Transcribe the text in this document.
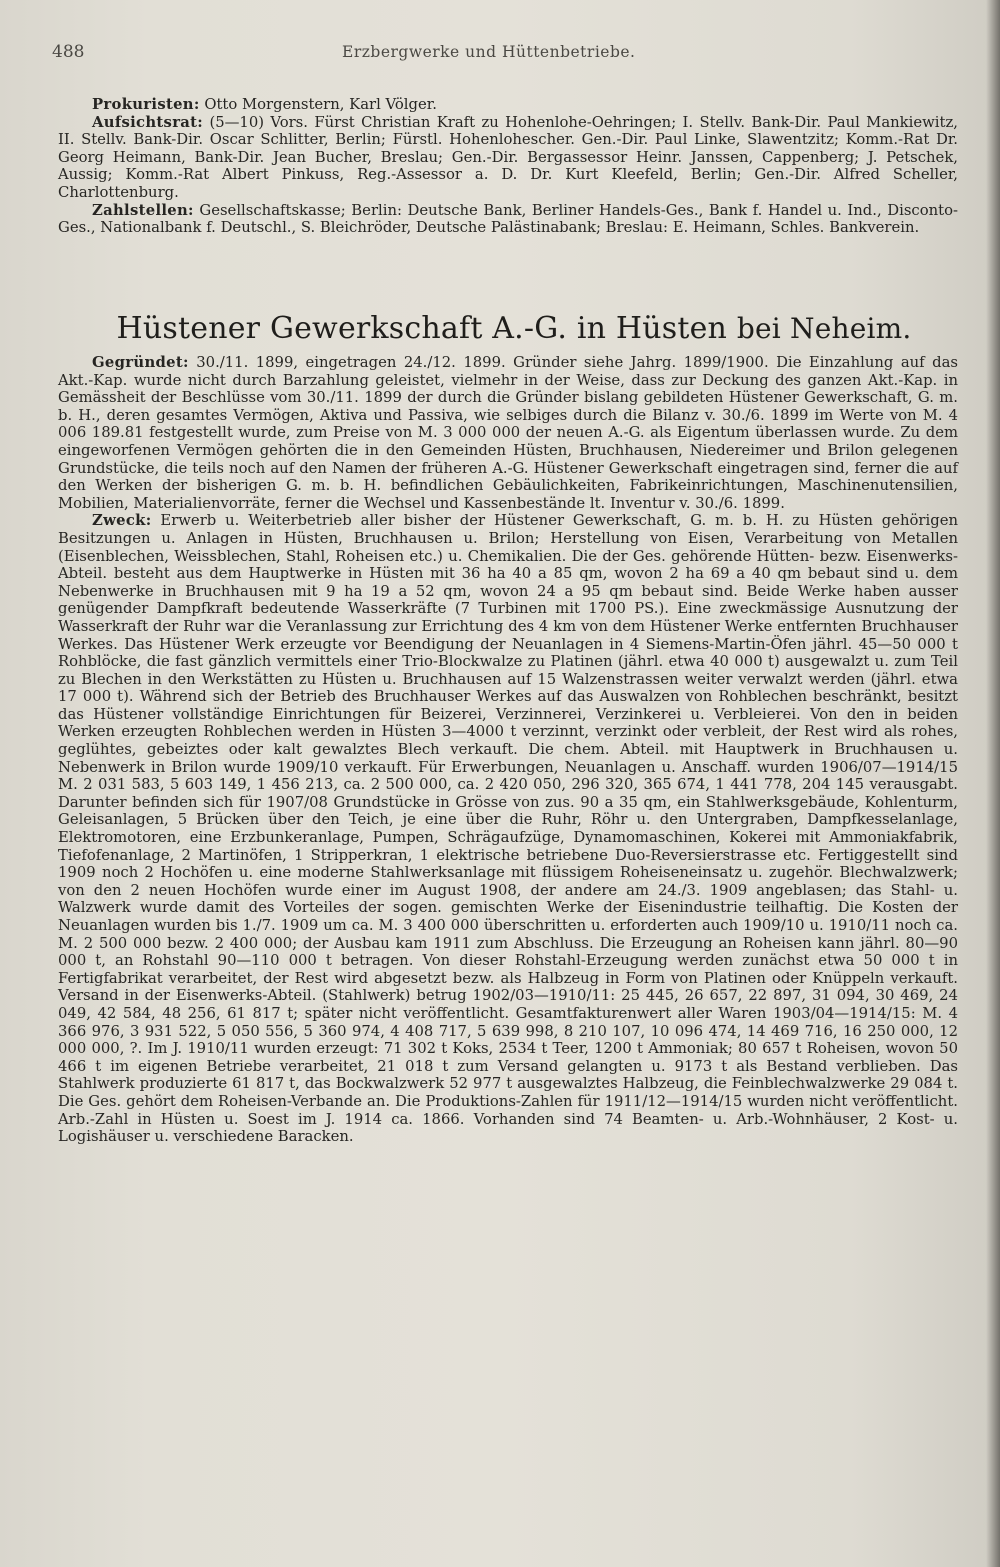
488	Erzbergwerke und Hüttenbetriebe.

Prokuristen: Otto Morgenstern, Karl Völger.

Aufsichtsrat: (5—10) Vors. Fürst Christian Kraft zu Hohenlohe-Oehringen; I. Stellv. Bank-Dir. Paul Mankiewitz, II. Stellv. Bank-Dir. Oscar Schlitter, Berlin; Fürstl. Hohenlohescher. Gen.-Dir. Paul Linke, Slawentzitz; Komm.-Rat Dr. Georg Heimann, Bank-Dir. Jean Bucher, Breslau; Gen.-Dir. Bergassessor Heinr. Janssen, Cappenberg; J. Petschek, Aussig; Komm.-Rat Albert Pinkuss, Reg.-Assessor a. D. Dr. Kurt Kleefeld, Berlin; Gen.-Dir. Alfred Scheller, Charlottenburg.

Zahlstellen: Gesellschaftskasse; Berlin: Deutsche Bank, Berliner Handels-Ges., Bank f. Handel u. Ind., Disconto-Ges., Nationalbank f. Deutschl., S. Bleichröder, Deutsche Palästinabank; Breslau: E. Heimann, Schles. Bankverein.

Hüstener Gewerkschaft A.-G. in Hüsten bei Neheim.

Gegründet: 30./11. 1899, eingetragen 24./12. 1899. Gründer siehe Jahrg. 1899/1900. Die Einzahlung auf das Akt.-Kap. wurde nicht durch Barzahlung geleistet, vielmehr in der Weise, dass zur Deckung des ganzen Akt.-Kap. in Gemässheit der Beschlüsse vom 30./11. 1899 der durch die Gründer bislang gebildeten Hüstener Gewerkschaft, G. m. b. H., deren gesamtes Vermögen, Aktiva und Passiva, wie selbiges durch die Bilanz v. 30./6. 1899 im Werte von M. 4 006 189.81 festgestellt wurde, zum Preise von M. 3 000 000 der neuen A.-G. als Eigentum überlassen wurde. Zu dem eingeworfenen Vermögen gehörten die in den Gemeinden Hüsten, Bruchhausen, Niedereimer und Brilon gelegenen Grundstücke, die teils noch auf den Namen der früheren A.-G. Hüstener Gewerkschaft eingetragen sind, ferner die auf den Werken der bisherigen G. m. b. H. befindlichen Gebäulichkeiten, Fabrikeinrichtungen, Maschinenutensilien, Mobilien, Materialienvorräte, ferner die Wechsel und Kassenbestände lt. Inventur v. 30./6. 1899.

Zweck: Erwerb u. Weiterbetrieb aller bisher der Hüstener Gewerkschaft, G. m. b. H. zu Hüsten gehörigen Besitzungen u. Anlagen in Hüsten, Bruchhausen u. Brilon; Herstellung von Eisen, Verarbeitung von Metallen (Eisenblechen, Weissblechen, Stahl, Roheisen etc.) u. Chemikalien. Die der Ges. gehörende Hütten- bezw. Eisenwerks-Abteil. besteht aus dem Hauptwerke in Hüsten mit 36 ha 40 a 85 qm, wovon 2 ha 69 a 40 qm bebaut sind u. dem Nebenwerke in Bruchhausen mit 9 ha 19 a 52 qm, wovon 24 a 95 qm bebaut sind. Beide Werke haben ausser genügender Dampfkraft bedeutende Wasserkräfte (7 Turbinen mit 1700 PS.). Eine zweckmässige Ausnutzung der Wasserkraft der Ruhr war die Veranlassung zur Errichtung des 4 km von dem Hüstener Werke entfernten Bruchhauser Werkes. Das Hüstener Werk erzeugte vor Beendigung der Neuanlagen in 4 Siemens-Martin-Öfen jährl. 45—50 000 t Rohblöcke, die fast gänzlich vermittels einer Trio-Blockwalze zu Platinen (jährl. etwa 40 000 t) ausgewalzt u. zum Teil zu Blechen in den Werkstätten zu Hüsten u. Bruchhausen auf 15 Walzenstrassen weiter verwalzt werden (jährl. etwa 17 000 t). Während sich der Betrieb des Bruchhauser Werkes auf das Auswalzen von Rohblechen beschränkt, besitzt das Hüstener vollständige Einrichtungen für Beizerei, Verzinnerei, Verzinkerei u. Verbleierei. Von den in beiden Werken erzeugten Rohblechen werden in Hüsten 3—4000 t verzinnt, verzinkt oder verbleit, der Rest wird als rohes, geglühtes, gebeiztes oder kalt gewalztes Blech verkauft. Die chem. Abteil. mit Hauptwerk in Bruchhausen u. Nebenwerk in Brilon wurde 1909/10 verkauft. Für Erwerbungen, Neuanlagen u. Anschaff. wurden 1906/07—1914/15 M. 2 031 583, 5 603 149, 1 456 213, ca. 2 500 000, ca. 2 420 050, 296 320, 365 674, 1 441 778, 204 145 verausgabt. Darunter befinden sich für 1907/08 Grundstücke in Grösse von zus. 90 a 35 qm, ein Stahlwerksgebäude, Kohlenturm, Geleisanlagen, 5 Brücken über den Teich, je eine über die Ruhr, Röhr u. den Untergraben, Dampfkesselanlage, Elektromotoren, eine Erzbunkeranlage, Pumpen, Schrägaufzüge, Dynamomaschinen, Kokerei mit Ammoniakfabrik, Tiefofenanlage, 2 Martinöfen, 1 Stripperkran, 1 elektrische betriebene Duo-Reversierstrasse etc. Fertiggestellt sind 1909 noch 2 Hochöfen u. eine moderne Stahlwerksanlage mit flüssigem Roheiseneinsatz u. zugehör. Blechwalzwerk; von den 2 neuen Hochöfen wurde einer im August 1908, der andere am 24./3. 1909 angeblasen; das Stahl- u. Walzwerk wurde damit des Vorteiles der sogen. gemischten Werke der Eisenindustrie teilhaftig. Die Kosten der Neuanlagen wurden bis 1./7. 1909 um ca. M. 3 400 000 überschritten u. erforderten auch 1909/10 u. 1910/11 noch ca. M. 2 500 000 bezw. 2 400 000; der Ausbau kam 1911 zum Abschluss. Die Erzeugung an Roheisen kann jährl. 80—90 000 t, an Rohstahl 90—110 000 t betragen. Von dieser Rohstahl-Erzeugung werden zunächst etwa 50 000 t in Fertigfabrikat verarbeitet, der Rest wird abgesetzt bezw. als Halbzeug in Form von Platinen oder Knüppeln verkauft. Versand in der Eisenwerks-Abteil. (Stahlwerk) betrug 1902/03—1910/11: 25 445, 26 657, 22 897, 31 094, 30 469, 24 049, 42 584, 48 256, 61 817 t; später nicht veröffentlicht. Gesamtfakturenwert aller Waren 1903/04—1914/15: M. 4 366 976, 3 931 522, 5 050 556, 5 360 974, 4 408 717, 5 639 998, 8 210 107, 10 096 474, 14 469 716, 16 250 000, 12 000 000, ?. Im J. 1910/11 wurden erzeugt: 71 302 t Koks, 2534 t Teer, 1200 t Ammoniak; 80 657 t Roheisen, wovon 50 466 t im eigenen Betriebe verarbeitet, 21 018 t zum Versand gelangten u. 9173 t als Bestand verblieben. Das Stahlwerk produzierte 61 817 t, das Bockwalzwerk 52 977 t ausgewalztes Halbzeug, die Feinblechwalzwerke 29 084 t. Die Ges. gehört dem Roheisen-Verbande an. Die Produktions-Zahlen für 1911/12—1914/15 wurden nicht veröffentlicht. Arb.-Zahl in Hüsten u. Soest im J. 1914 ca. 1866. Vorhanden sind 74 Beamten- u. Arb.-Wohnhäuser, 2 Kost- u. Logishäuser u. verschiedene Baracken.
